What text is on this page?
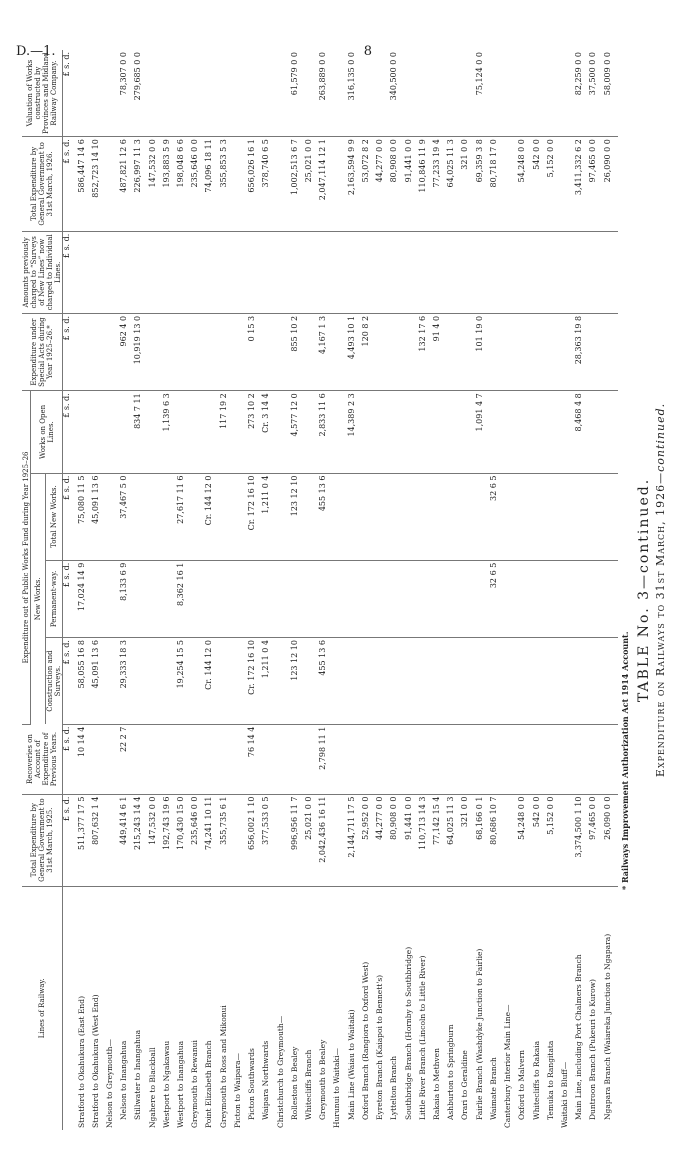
D.—1.	8
Lines of Railway.	Total Expenditure by General Government to 31st March, 1925.	Recoveries on Account of Expenditure of Previous Years.	Expenditure out of Public Works Fund during Year 1925–26				Expenditure under Special Acts during Year 1925–26.*	Amounts previously charged to “Surveys of New Lines” now charged to Individual Lines.	Total Expenditure by General Government to 31st March, 1926.	Valuation of Works constructed by Provinces and Midland Railway Company.
			New Works.			Works on Open Lines.				
			Construction and Surveys.	Permanent-way.	Total New Works.					
	£ s. d.	£ s. d.	£ s. d.	£ s. d.	£ s. d.	£ s. d.	£ s. d.	£ s. d.	£ s. d.	£ s. d.
Stratford to Okahukura (East End)	511,377 17 5	10 14 4	58,055 16 8	17,024 14 9	75,080 11 5				586,447 14 6	
Stratford to Okahukura (West End)	807,632 1 4		45,091 13 6		45,091 13 6				852,723 14 10	
Nelson to Greymouth—										
Nelson to Inangahua	449,414 6 1	22 2 7	29,333 18 3	8,133 6 9	37,467 5 0		962 4 0		487,821 12 6	78,307 0 0
Stillwater to Inangahua	215,243 14 4					834 7 11	10,919 13 0		226,997 11 3	279,685 0 0
Ngahere to Blackball	147,532 0 0								147,532 0 0	
Westport to Ngakawau	192,743 19 6					1,139 6 3			193,883 5 9	
Westport to Inangahua	170,430 15 0		19,254 15 5	8,362 16 1	27,617 11 6				198,048 6 6	
Greymouth to Rewanui	235,646 0 0								235,646 0 0	
Point Elizabeth Branch	74,241 10 11		Cr. 144 12 0		Cr. 144 12 0				74,096 18 11	
Greymouth to Ross and Mikonui	355,735 6 1					117 19 2			355,853 5 3	
Picton to Waipara—										
Picton Southwards	656,002 1 10	76 14 4	Cr. 172 16 10		Cr. 172 16 10	273 10 2	0 15 3		656,026 16 1	
Waipara Northwards	377,533 0 5		1,211 0 4		1,211 0 4	Cr. 3 14 4			378,740 6 5	
Christchurch to Greymouth—										
Rolleston to Bealey	996,956 11 7		123 12 10		123 12 10	4,577 12 0	855 10 2		1,002,513 6 7	61,579 0 0
Whitecliffs Branch	25,021 0 0								25,021 0 0	
Greymouth to Bealey	2,042,436 16 11	2,798 11 1	455 13 6		455 13 6	2,833 11 6	4,167 1 3		2,047,114 12 1	263,889 0 0
Hurunui to Waitaki—										
Main Line (Waiau to Waitaki)	2,144,711 17 5					14,389 2 3	4,493 10 1		2,163,594 9 9	316,135 0 0
Oxford Branch (Rangiora to Oxford West)	52,952 0 0						120 8 2		53,072 8 2	
Eyreton Branch (Kaiapoi to Bennett's)	44,277 0 0								44,277 0 0	
Lyttelton Branch	80,908 0 0								80,908 0 0	340,500 0 0
Southbridge Branch (Hornby to Southbridge)	91,441 0 0								91,441 0 0	
Little River Branch (Lincoln to Little River)	110,713 14 3						132 17 6		110,846 11 9	
Rakaia to Methven	77,142 15 4						91 4 0		77,233 19 4	
Ashburton to Springburn	64,025 11 3								64,025 11 3	
Orari to Geraldine	321 0 0								321 0 0	
Fairlie Branch (Washdyke Junction to Fairlie)	68,166 0 1					1,091 4 7	101 19 0		69,359 3 8	75,124 0 0
Waimate Branch	80,686 10 7			32 6 5	32 6 5				80,718 17 0	
Canterbury Interior Main Line—										
Oxford to Malvern	54,248 0 0								54,248 0 0	
Whitecliffs to Rakaia	542 0 0								542 0 0	
Temuka to Rangitata	5,152 0 0								5,152 0 0	
Waitaki to Bluff—										
Main Line, including Port Chalmers Branch	3,374,500 1 10					8,468 4 8	28,363 19 8		3,411,332 6 2	82,259 0 0
Duntroon Branch (Pukeuri to Kurow)	97,465 0 0								97,465 0 0	37,500 0 0
Ngapara Branch (Waiareka Junction to Ngapara)	26,090 0 0								26,090 0 0	58,009 0 0
TABLE No. 3—continued. Expenditure on Railways to 31st March, 1926—continued.
* Railways Improvement Authorization Act 1914 Account.
